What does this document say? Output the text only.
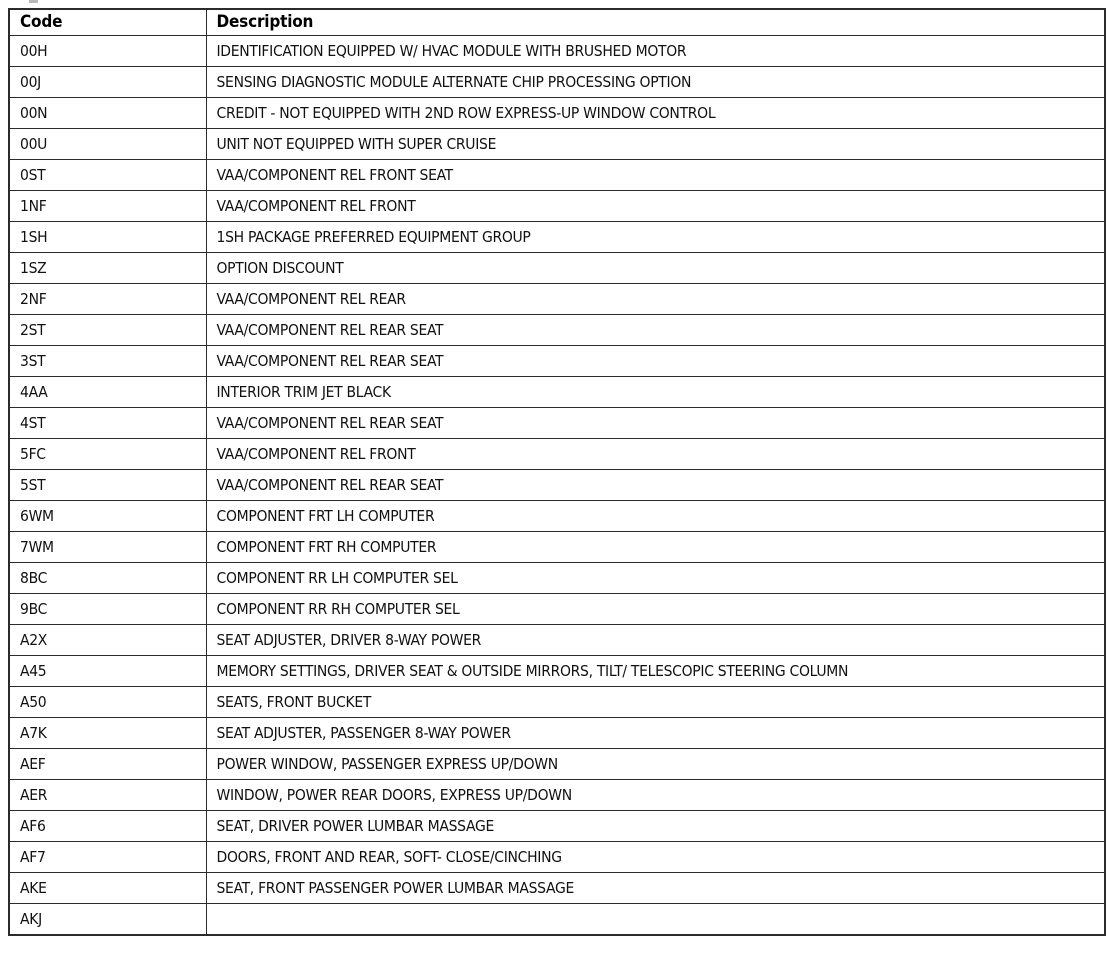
Code	Description
00H	IDENTIFICATION EQUIPPED W/ HVAC MODULE WITH BRUSHED MOTOR
00J	SENSING DIAGNOSTIC MODULE ALTERNATE CHIP PROCESSING OPTION
00N	CREDIT - NOT EQUIPPED WITH 2ND ROW EXPRESS-UP WINDOW CONTROL
00U	UNIT NOT EQUIPPED WITH SUPER CRUISE
0ST	VAA/COMPONENT REL FRONT SEAT
1NF	VAA/COMPONENT REL FRONT
1SH	1SH PACKAGE PREFERRED EQUIPMENT GROUP
1SZ	OPTION DISCOUNT
2NF	VAA/COMPONENT REL REAR
2ST	VAA/COMPONENT REL REAR SEAT
3ST	VAA/COMPONENT REL REAR SEAT
4AA	INTERIOR TRIM JET BLACK
4ST	VAA/COMPONENT REL REAR SEAT
5FC	VAA/COMPONENT REL FRONT
5ST	VAA/COMPONENT REL REAR SEAT
6WM	COMPONENT FRT LH COMPUTER
7WM	COMPONENT FRT RH COMPUTER
8BC	COMPONENT RR LH COMPUTER SEL
9BC	COMPONENT RR RH COMPUTER SEL
A2X	SEAT ADJUSTER, DRIVER 8-WAY POWER
A45	MEMORY SETTINGS, DRIVER SEAT & OUTSIDE MIRRORS, TILT/ TELESCOPIC STEERING COLUMN
A50	SEATS, FRONT BUCKET
A7K	SEAT ADJUSTER, PASSENGER 8-WAY POWER
AEF	POWER WINDOW, PASSENGER EXPRESS UP/DOWN
AER	WINDOW, POWER REAR DOORS, EXPRESS UP/DOWN
AF6	SEAT, DRIVER POWER LUMBAR MASSAGE
AF7	DOORS, FRONT AND REAR, SOFT- CLOSE/CINCHING
AKE	SEAT, FRONT PASSENGER POWER LUMBAR MASSAGE
AKJ	
